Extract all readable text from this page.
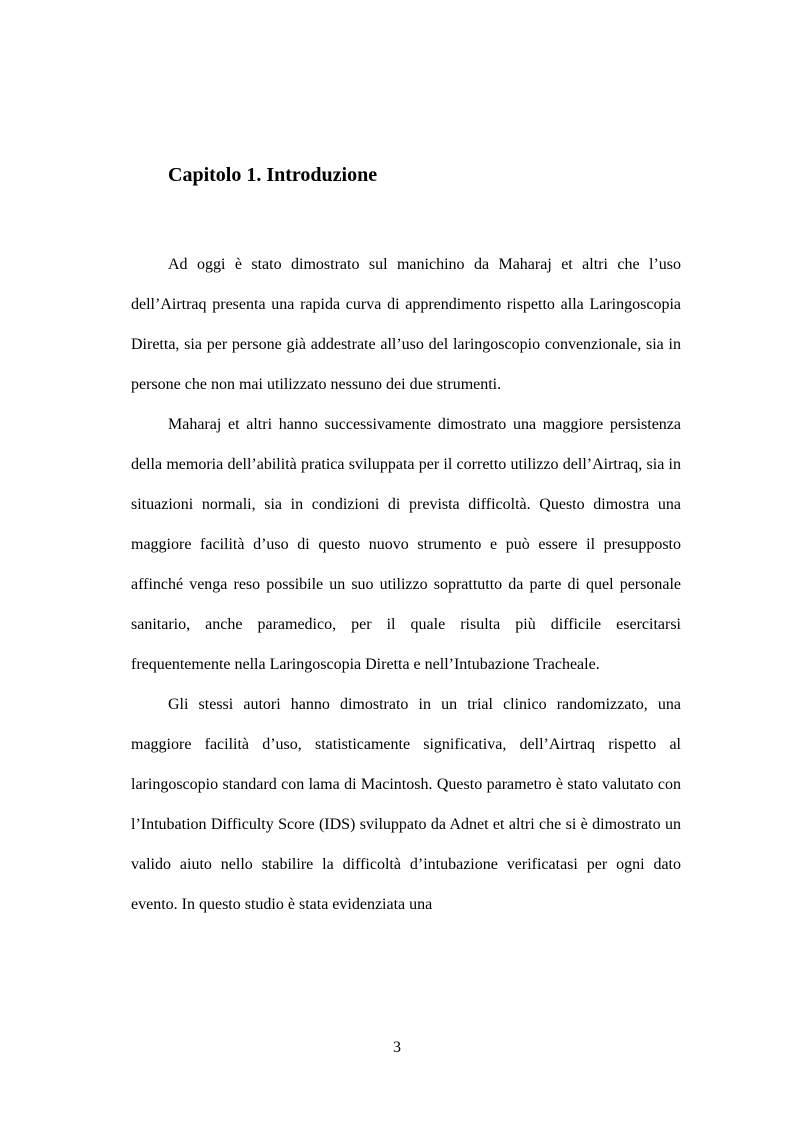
Capitolo 1. Introduzione

Ad oggi è stato dimostrato sul manichino da Maharaj et altri che l’uso dell’Airtraq presenta una rapida curva di apprendimento rispetto alla Laringoscopia Diretta, sia per persone già addestrate all’uso del laringoscopio convenzionale, sia in persone che non mai utilizzato nessuno dei due strumenti.

Maharaj et altri hanno successivamente dimostrato una maggiore persistenza della memoria dell’abilità pratica sviluppata per il corretto utilizzo dell’Airtraq, sia in situazioni normali, sia in condizioni di prevista difficoltà. Questo dimostra una maggiore facilità d’uso di questo nuovo strumento e può essere il presupposto affinché venga reso possibile un suo utilizzo soprattutto da parte di quel personale sanitario, anche paramedico, per il quale risulta più difficile esercitarsi frequentemente nella Laringoscopia Diretta e nell’Intubazione Tracheale.

Gli stessi autori hanno dimostrato in un trial clinico randomizzato, una maggiore facilità d’uso, statisticamente significativa, dell’Airtraq rispetto al laringoscopio standard con lama di Macintosh. Questo parametro è stato valutato con l’Intubation Difficulty Score (IDS) sviluppato da Adnet et altri che si è dimostrato un valido aiuto nello stabilire la difficoltà d’intubazione verificatasi per ogni dato evento. In questo studio è stata evidenziata una

3
